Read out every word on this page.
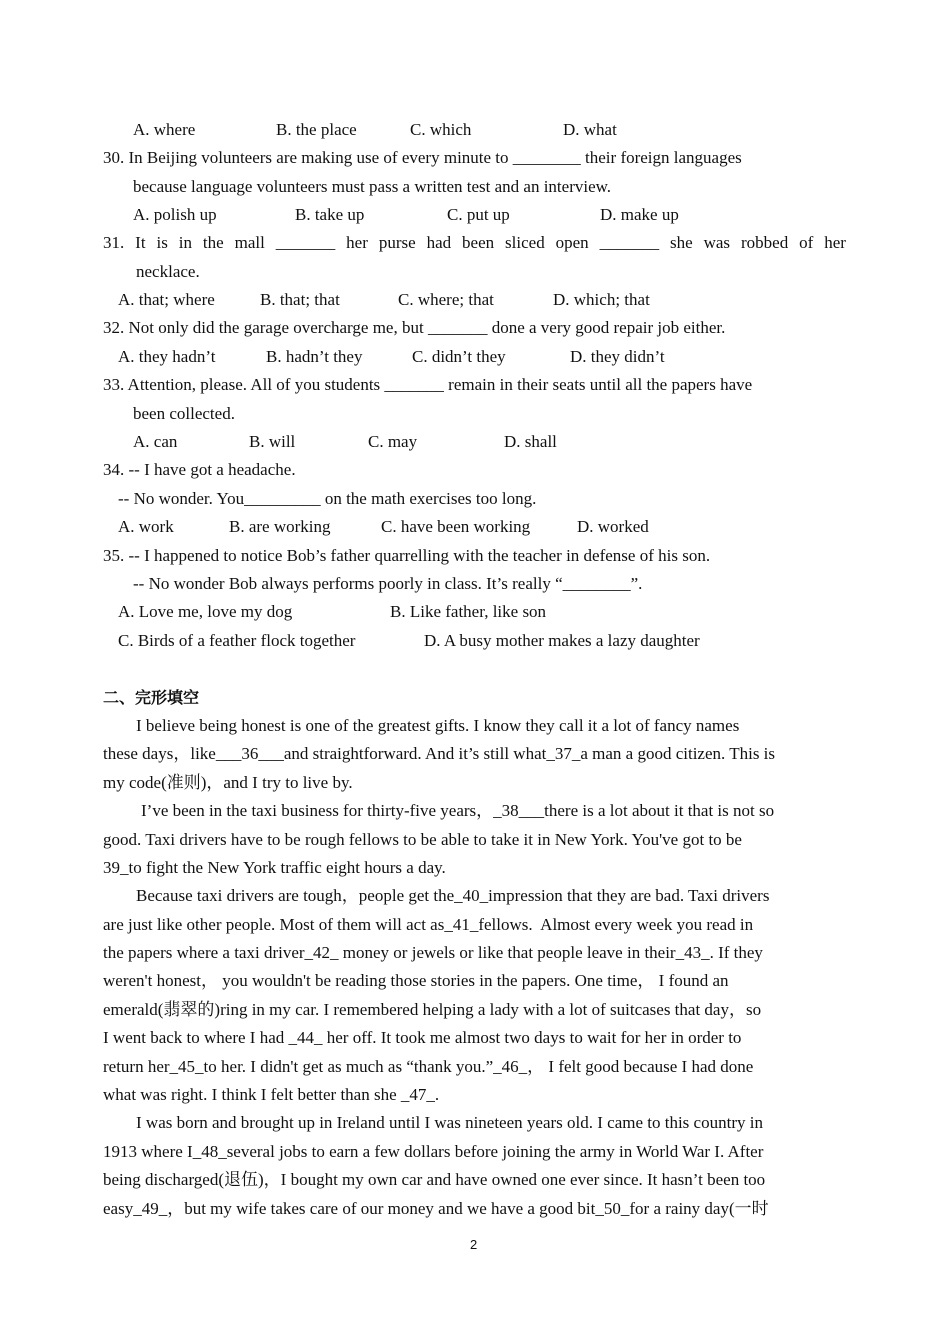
A. where	B. the place	C. which	D. what
30. In Beijing volunteers are making use of every minute to ________ their foreign languages
because language volunteers must pass a written test and an interview.
A. polish up	B. take up	C. put up	D. make up
31. It is in the mall _______ her purse had been sliced open _______ she was robbed of her
necklace.
A. that; where	B. that; that	C. where; that	D. which; that
32. Not only did the garage overcharge me, but _______ done a very good repair job either.
A. they hadn’t	B. hadn’t they	C. didn’t they	D. they didn’t
33. Attention, please. All of you students _______ remain in their seats until all the papers have
been collected.
A. can	B. will	C. may	D. shall
34. -- I have got a headache.
-- No wonder. You_________ on the math exercises too long.
A. work	B. are working	C. have been working	D. worked
35. -- I happened to notice Bob’s father quarrelling with the teacher in defense of his son.
-- No wonder Bob always performs poorly in class. It’s really “________”.
A. Love me, love my dog	B. Like father, like son
C. Birds of a feather flock together	D. A busy mother makes a lazy daughter
二、完形填空
I believe being honest is one of the greatest gifts. I know they call it a lot of fancy names
these days，like___36___and straightforward. And it’s still what_37_a man a good citizen. This is
my code(准则)，and I try to live by.
I’ve been in the taxi business for thirty-five years，_38___there is a lot about it that is not so
good. Taxi drivers have to be rough fellows to be able to take it in New York. You've got to be
39_to fight the New York traffic eight hours a day.
Because taxi drivers are tough，people get the_40_impression that they are bad. Taxi drivers
are just like other people. Most of them will act as_41_fellows.  Almost every week you read in
the papers where a taxi driver_42_ money or jewels or like that people leave in their_43_. If they
weren't honest， you wouldn't be reading those stories in the papers. One time， I found an
emerald(翡翠的)ring in my car. I remembered helping a lady with a lot of suitcases that day，so
I went back to where I had _44_ her off. It took me almost two days to wait for her in order to
return her_45_to her. I didn't get as much as “thank you.”_46_， I felt good because I had done
what was right. I think I felt better than she _47_.
I was born and brought up in Ireland until I was nineteen years old. I came to this country in
1913 where I_48_several jobs to earn a few dollars before joining the army in World War I. After
being discharged(退伍)，I bought my own car and have owned one ever since. It hasn’t been too
easy_49_，but my wife takes care of our money and we have a good bit_50_for a rainy day(一时
2
